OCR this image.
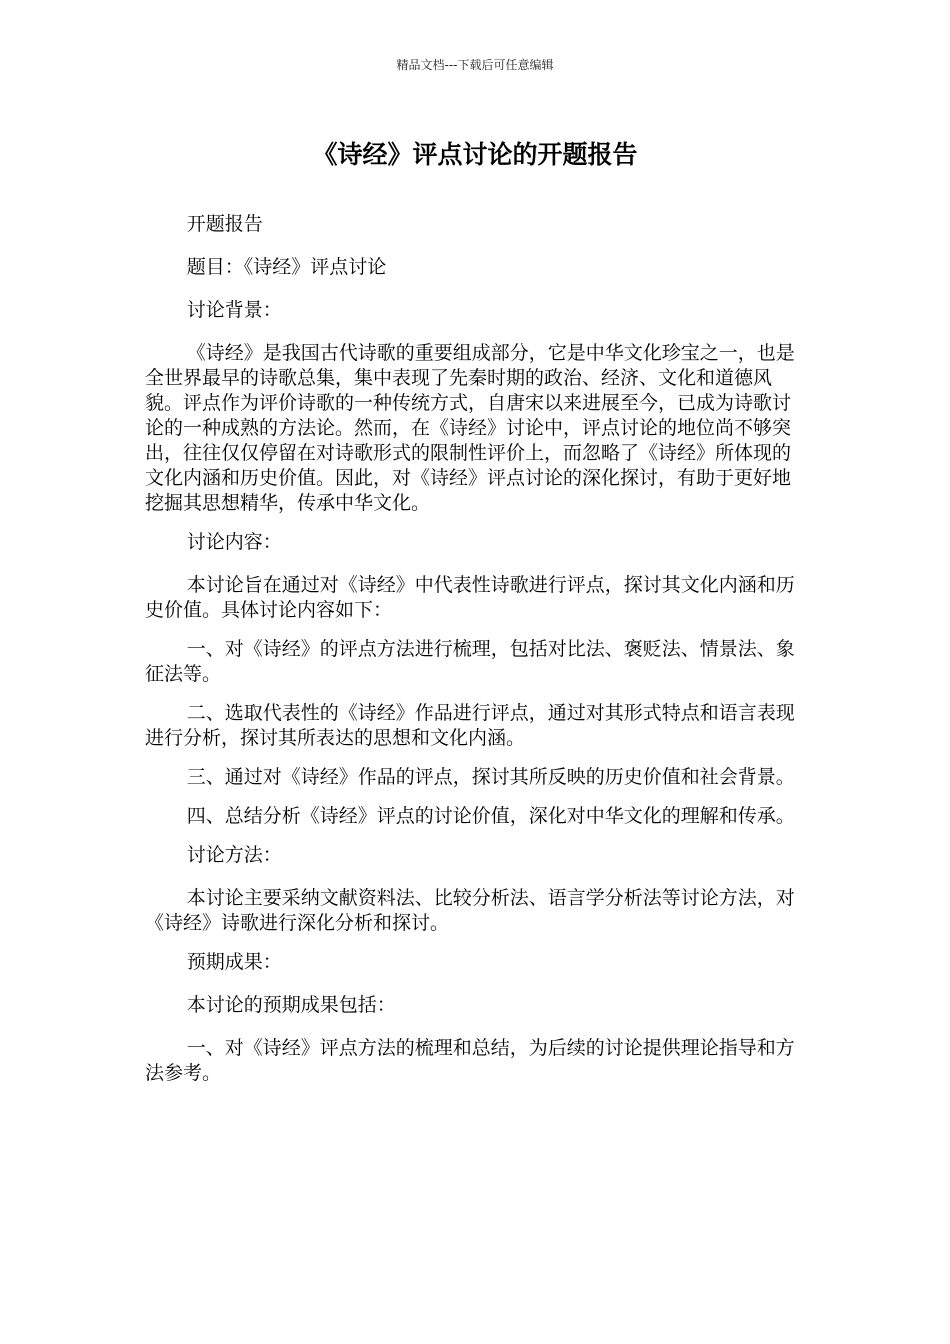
精品文档---下载后可任意编辑
《诗经》评点讨论的开题报告

开题报告

题目：《诗经》评点讨论

讨论背景：

《诗经》是我国古代诗歌的重要组成部分，它是中华文化珍宝之一，也是全世界最早的诗歌总集，集中表现了先秦时期的政治、经济、文化和道德风貌。评点作为评价诗歌的一种传统方式，自唐宋以来进展至今，已成为诗歌讨论的一种成熟的方法论。然而，在《诗经》讨论中，评点讨论的地位尚不够突出，往往仅仅停留在对诗歌形式的限制性评价上，而忽略了《诗经》所体现的文化内涵和历史价值。因此，对《诗经》评点讨论的深化探讨，有助于更好地挖掘其思想精华，传承中华文化。

讨论内容：

本讨论旨在通过对《诗经》中代表性诗歌进行评点，探讨其文化内涵和历史价值。具体讨论内容如下：

一、对《诗经》的评点方法进行梳理，包括对比法、褒贬法、情景法、象征法等。

二、选取代表性的《诗经》作品进行评点，通过对其形式特点和语言表现进行分析，探讨其所表达的思想和文化内涵。

三、通过对《诗经》作品的评点，探讨其所反映的历史价值和社会背景。

四、总结分析《诗经》评点的讨论价值，深化对中华文化的理解和传承。

讨论方法：

本讨论主要采纳文献资料法、比较分析法、语言学分析法等讨论方法，对《诗经》诗歌进行深化分析和探讨。

预期成果：

本讨论的预期成果包括：

一、对《诗经》评点方法的梳理和总结，为后续的讨论提供理论指导和方法参考。
